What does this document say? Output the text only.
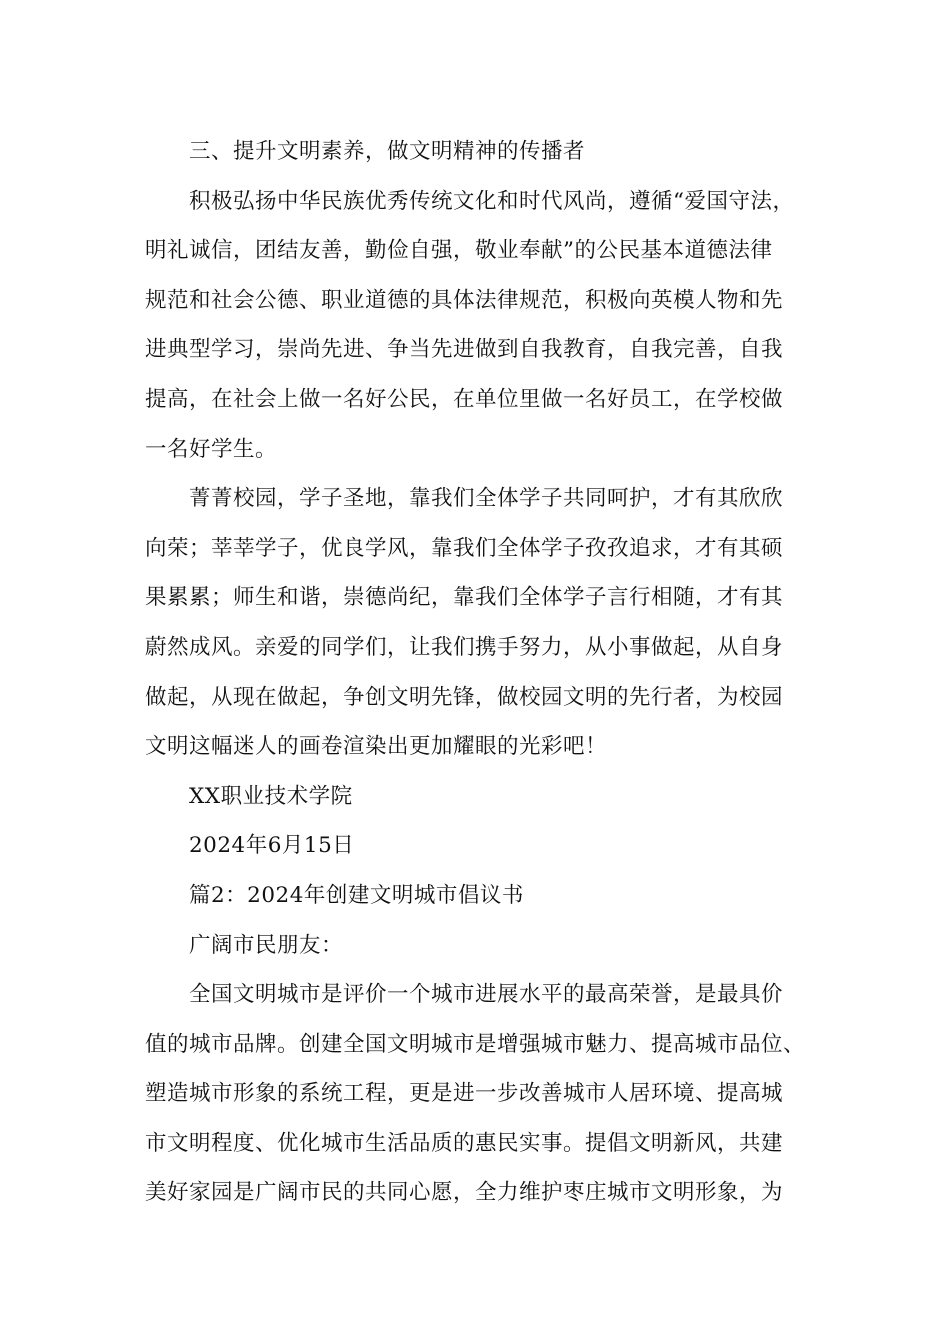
三、提升文明素养，做文明精神的传播者
积极弘扬中华民族优秀传统文化和时代风尚，遵循“爱国守法，
明礼诚信，团结友善，勤俭自强，敬业奉献”的公民基本道德法律
规范和社会公德、职业道德的具体法律规范，积极向英模人物和先
进典型学习，崇尚先进、争当先进做到自我教育，自我完善，自我
提高，在社会上做一名好公民，在单位里做一名好员工，在学校做
一名好学生。
菁菁校园，学子圣地，靠我们全体学子共同呵护，才有其欣欣
向荣；莘莘学子，优良学风，靠我们全体学子孜孜追求，才有其硕
果累累；师生和谐，崇德尚纪，靠我们全体学子言行相随，才有其
蔚然成风。亲爱的同学们，让我们携手努力，从小事做起，从自身
做起，从现在做起，争创文明先锋，做校园文明的先行者，为校园
文明这幅迷人的画卷渲染出更加耀眼的光彩吧！
XX职业技术学院
2024年6月15日
篇2：2024年创建文明城市倡议书
广阔市民朋友：
全国文明城市是评价一个城市进展水平的最高荣誉，是最具价
值的城市品牌。创建全国文明城市是增强城市魅力、提高城市品位、
塑造城市形象的系统工程，更是进一步改善城市人居环境、提高城
市文明程度、优化城市生活品质的惠民实事。提倡文明新风，共建
美好家园是广阔市民的共同心愿，全力维护枣庄城市文明形象，为
